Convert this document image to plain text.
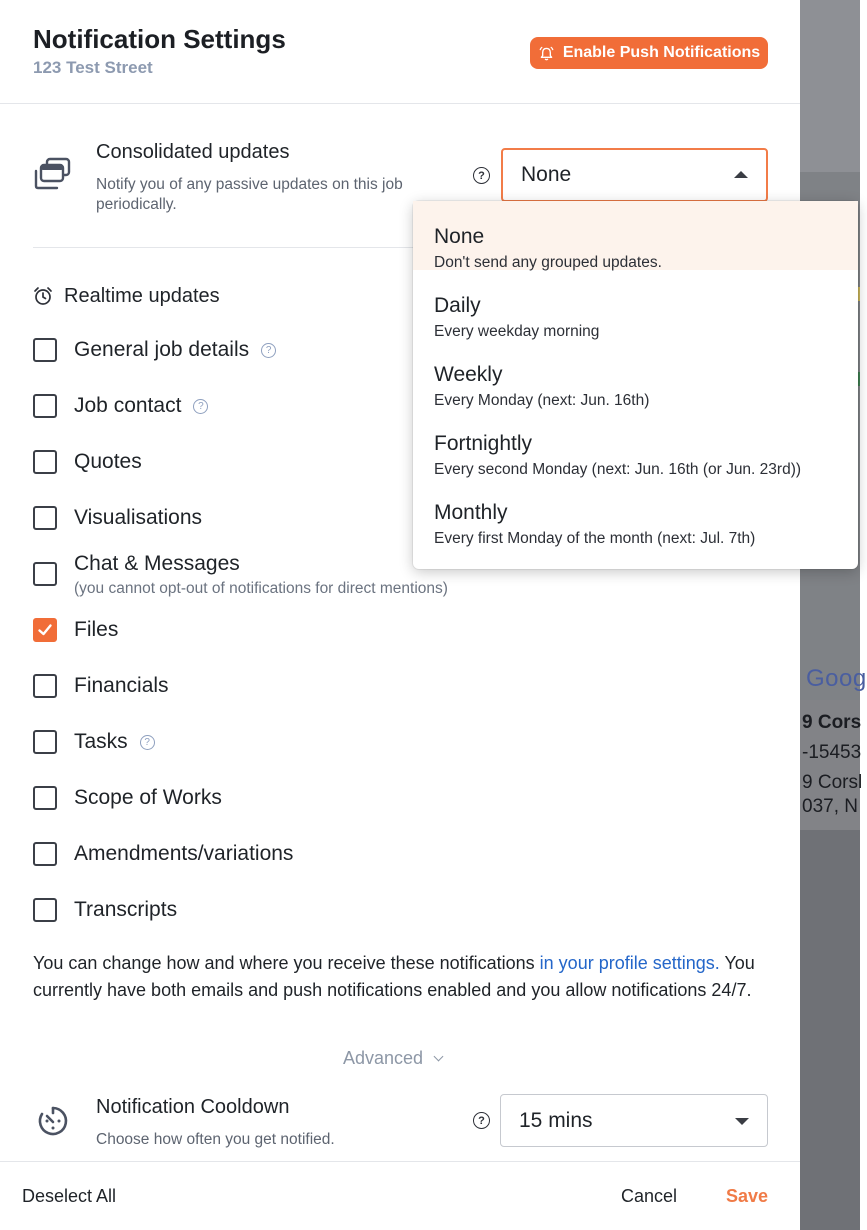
Goog
9 Cors
-15453
9 Corsl
037, N
Notification Settings
123 Test Street
Enable Push Notifications
Consolidated updates
Notify you of any passive updates on this job periodically.
? None
Realtime updates
General job details	?
Job contact	?
Quotes
Visualisations
Chat & Messages
(you cannot opt-out of notifications for direct mentions)
Files
Financials
Tasks	?
Scope of Works
Amendments/variations
Transcripts
You can change how and where you receive these notifications in your profile settings. You currently have both emails and push notifications enabled and you allow notifications 24/7.
Advanced
Notification Cooldown
Choose how often you get notified.
? 15 mins
Deselect All	Cancel	Save
None
Don't send any grouped updates.
Daily
Every weekday morning
Weekly
Every Monday (next: Jun. 16th)
Fortnightly
Every second Monday (next: Jun. 16th (or Jun. 23rd))
Monthly
Every first Monday of the month (next: Jul. 7th)
